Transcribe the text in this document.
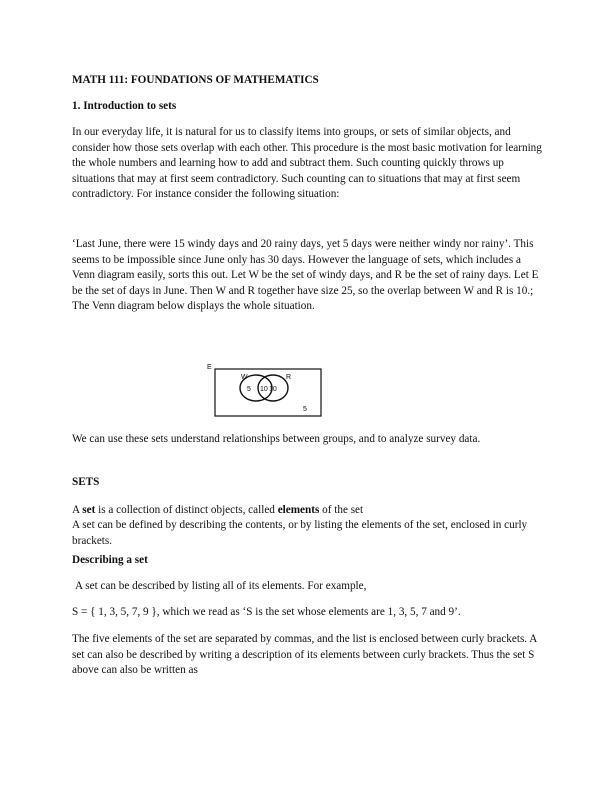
MATH 111: FOUNDATIONS OF MATHEMATICS

1. Introduction to sets

In our everyday life, it is natural for us to classify items into groups, or sets of similar objects, and consider how those sets overlap with each other. This procedure is the most basic motivation for learning the whole numbers and learning how to add and subtract them. Such counting quickly throws up situations that may at first seem contradictory. Such counting can to situations that may at first seem contradictory. For instance consider the following situation:

‘Last June, there were 15 windy days and 20 rainy days, yet 5 days were neither windy nor rainy’. This seems to be impossible since June only has 30 days. However the language of sets, which includes a Venn diagram easily, sorts this out. Let W be the set of windy days, and R be the set of rainy days. Let E be the set of days in June. Then W and R together have size 25, so the overlap between W and R is 10.; The Venn diagram below displays the whole situation.

We can use these sets understand relationships between groups, and to analyze survey data.

SETS

A set is a collection of distinct objects, called elements of the set

A set can be defined by describing the contents, or by listing the elements of the set, enclosed in curly brackets.

Describing a set

A set can be described by listing all of its elements. For example,

S = { 1, 3, 5, 7, 9 }, which we read as ‘S is the set whose elements are 1, 3, 5, 7 and 9’.

The five elements of the set are separated by commas, and the list is enclosed between curly brackets. A set can also be described by writing a description of its elements between curly brackets. Thus the set S above can also be written as

E
W	R
5 10 10
5
